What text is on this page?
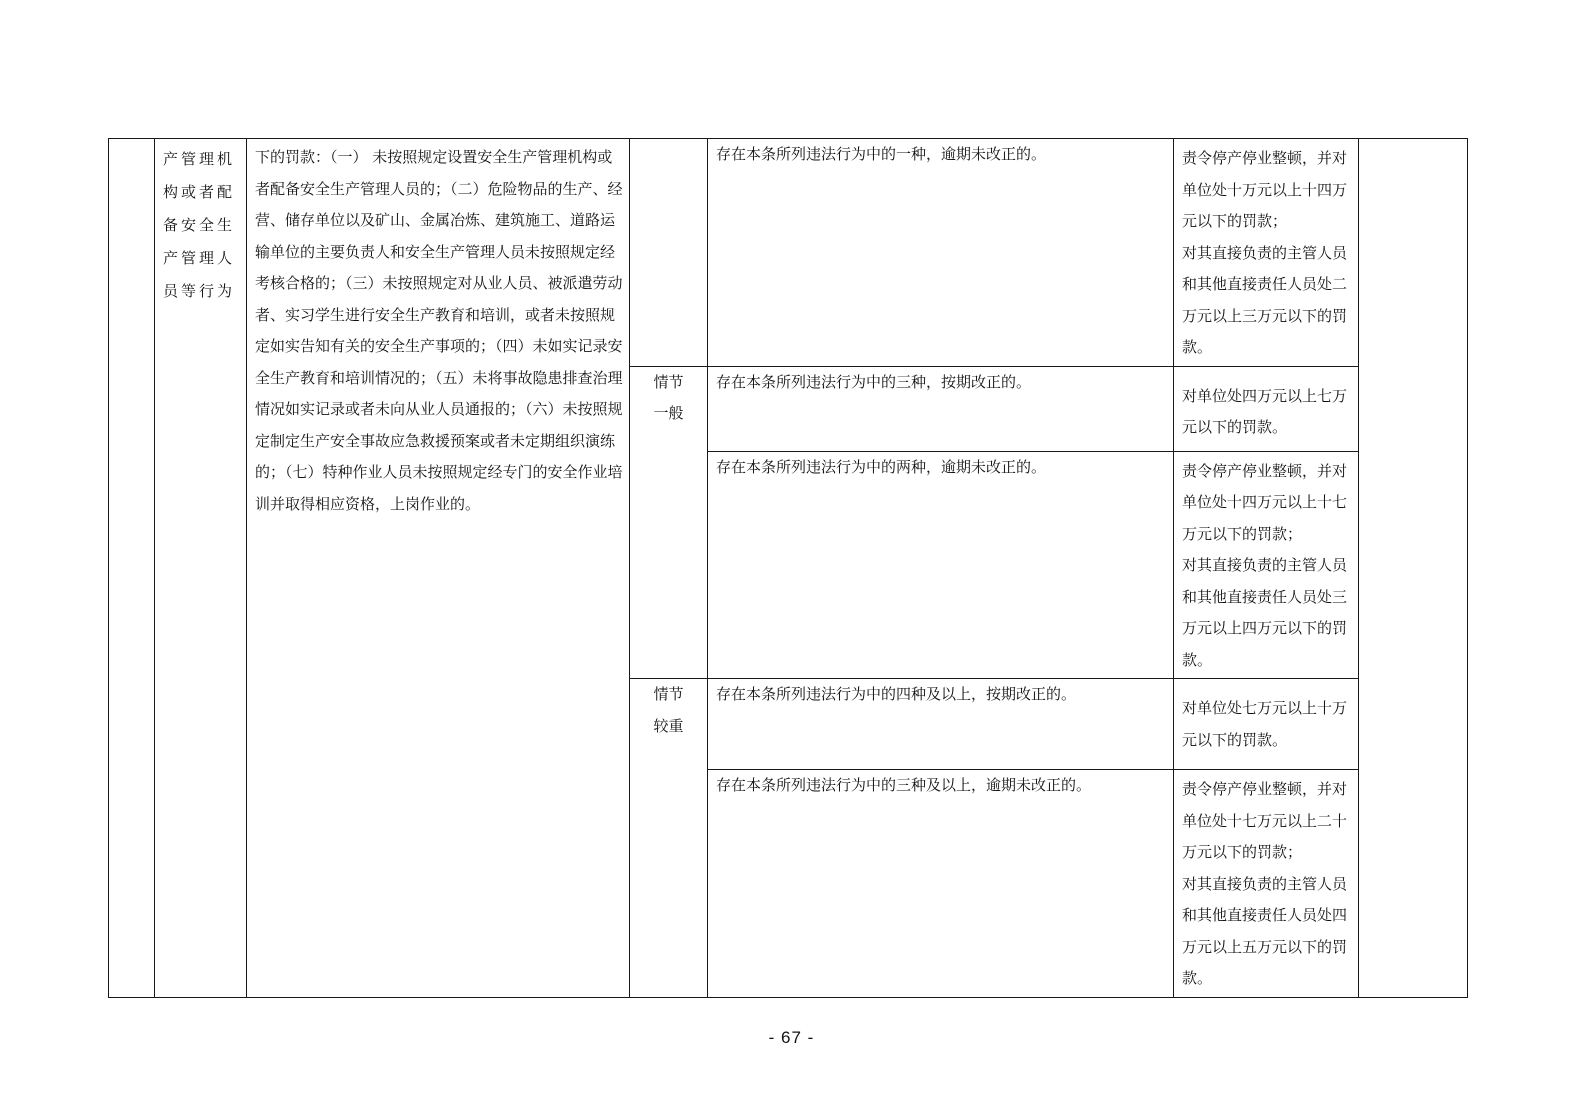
	产管理机构或者配备安全生产管理人员等行为	下的罚款：（一） 未按照规定设置安全生产管理机构或者配备安全生产管理人员的；（二）危险物品的生产、经营、储存单位以及矿山、金属冶炼、建筑施工、道路运输单位的主要负责人和安全生产管理人员未按照规定经考核合格的；（三）未按照规定对从业人员、被派遣劳动者、实习学生进行安全生产教育和培训，或者未按照规定如实告知有关的安全生产事项的；（四）未如实记录安全生产教育和培训情况的；（五）未将事故隐患排查治理情况如实记录或者未向从业人员通报的；（六）未按照规定制定生产安全事故应急救援预案或者未定期组织演练的；（七）特种作业人员未按照规定经专门的安全作业培训并取得相应资格，上岗作业的。		存在本条所列违法行为中的一种，逾期未改正的。	责令停产停业整顿，并对单位处十万元以上十四万元以下的罚款；
对其直接负责的主管人员和其他直接责任人员处二万元以上三万元以下的罚款。	

			情节
一般	存在本条所列违法行为中的三种，按期改正的。	对单位处四万元以上七万元以下的罚款。	

				存在本条所列违法行为中的两种，逾期未改正的。	责令停产停业整顿，并对单位处十四万元以上十七万元以下的罚款；
对其直接负责的主管人员和其他直接责任人员处三万元以上四万元以下的罚款。	

			情节
较重	存在本条所列违法行为中的四种及以上，按期改正的。	对单位处七万元以上十万元以下的罚款。	

				存在本条所列违法行为中的三种及以上，逾期未改正的。	责令停产停业整顿，并对单位处十七万元以上二十万元以下的罚款；
对其直接负责的主管人员和其他直接责任人员处四万元以上五万元以下的罚款。	
- 67 -
